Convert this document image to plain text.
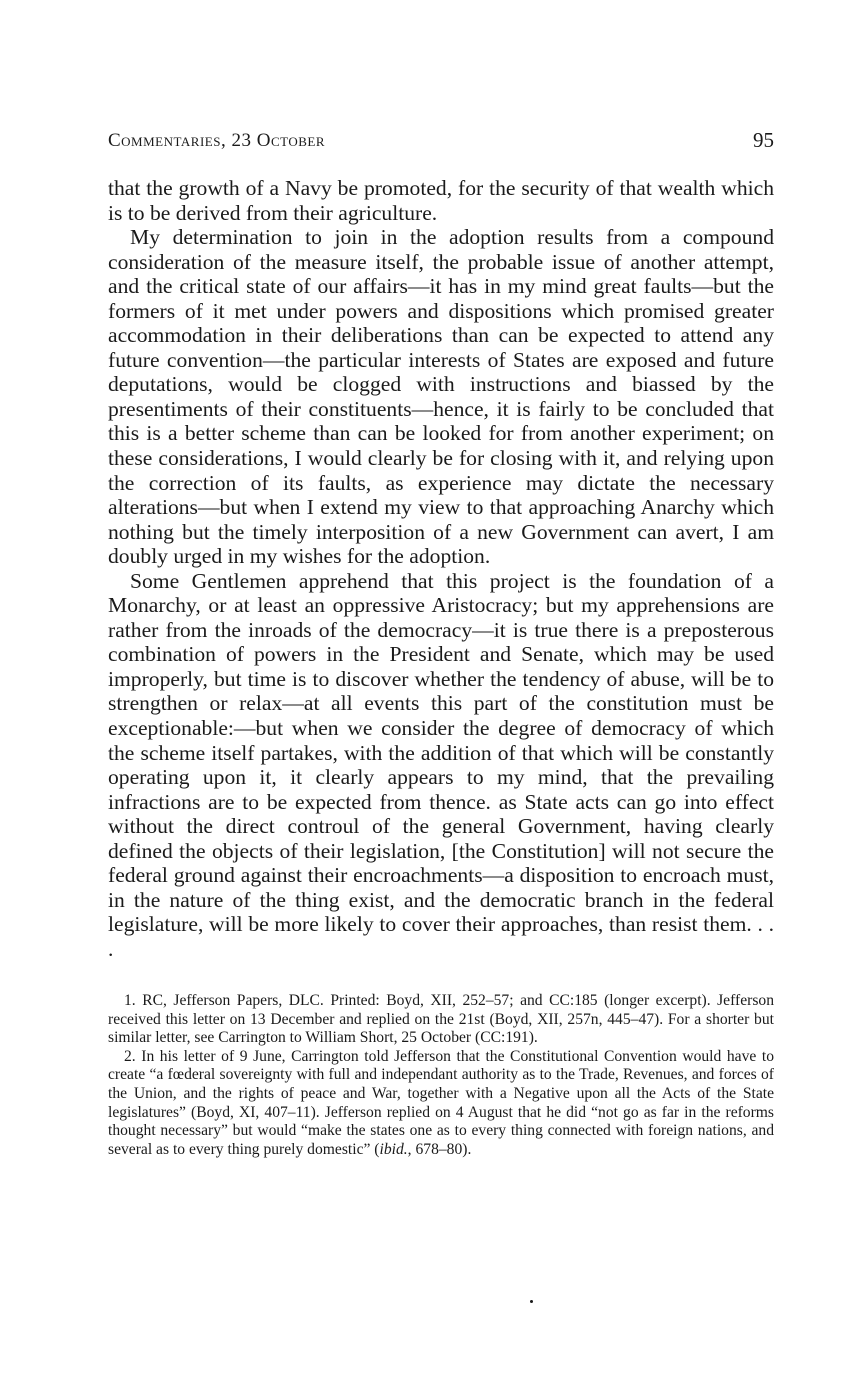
Commentaries, 23 October	95

that the growth of a Navy be promoted, for the security of that wealth which is to be derived from their agriculture.

My determination to join in the adoption results from a compound consideration of the measure itself, the probable issue of another attempt, and the critical state of our affairs—it has in my mind great faults—but the formers of it met under powers and dispositions which promised greater accommodation in their deliberations than can be expected to attend any future convention—the particular interests of States are exposed and future deputations, would be clogged with instructions and biassed by the presentiments of their constituents—hence, it is fairly to be concluded that this is a better scheme than can be looked for from another experiment; on these considerations, I would clearly be for closing with it, and relying upon the correction of its faults, as experience may dictate the necessary alterations—but when I extend my view to that approaching Anarchy which nothing but the timely interposition of a new Government can avert, I am doubly urged in my wishes for the adoption.

Some Gentlemen apprehend that this project is the foundation of a Monarchy, or at least an oppressive Aristocracy; but my apprehensions are rather from the inroads of the democracy—it is true there is a preposterous combination of powers in the President and Senate, which may be used improperly, but time is to discover whether the tendency of abuse, will be to strengthen or relax—at all events this part of the constitution must be exceptionable:—but when we consider the degree of democracy of which the scheme itself partakes, with the addition of that which will be constantly operating upon it, it clearly appears to my mind, that the prevailing infractions are to be expected from thence. as State acts can go into effect without the direct controul of the general Government, having clearly defined the objects of their legislation, [the Constitution] will not secure the federal ground against their encroachments—a disposition to encroach must, in the nature of the thing exist, and the democratic branch in the federal legislature, will be more likely to cover their approaches, than resist them. . . .

1. RC, Jefferson Papers, DLC. Printed: Boyd, XII, 252–57; and CC:185 (longer excerpt). Jefferson received this letter on 13 December and replied on the 21st (Boyd, XII, 257n, 445–47). For a shorter but similar letter, see Carrington to William Short, 25 October (CC:191).

2. In his letter of 9 June, Carrington told Jefferson that the Constitutional Convention would have to create “a fœderal sovereignty with full and independant authority as to the Trade, Revenues, and forces of the Union, and the rights of peace and War, together with a Negative upon all the Acts of the State legislatures” (Boyd, XI, 407–11). Jefferson replied on 4 August that he did “not go as far in the reforms thought necessary” but would “make the states one as to every thing connected with foreign nations, and several as to every thing purely domestic” (ibid., 678–80).
